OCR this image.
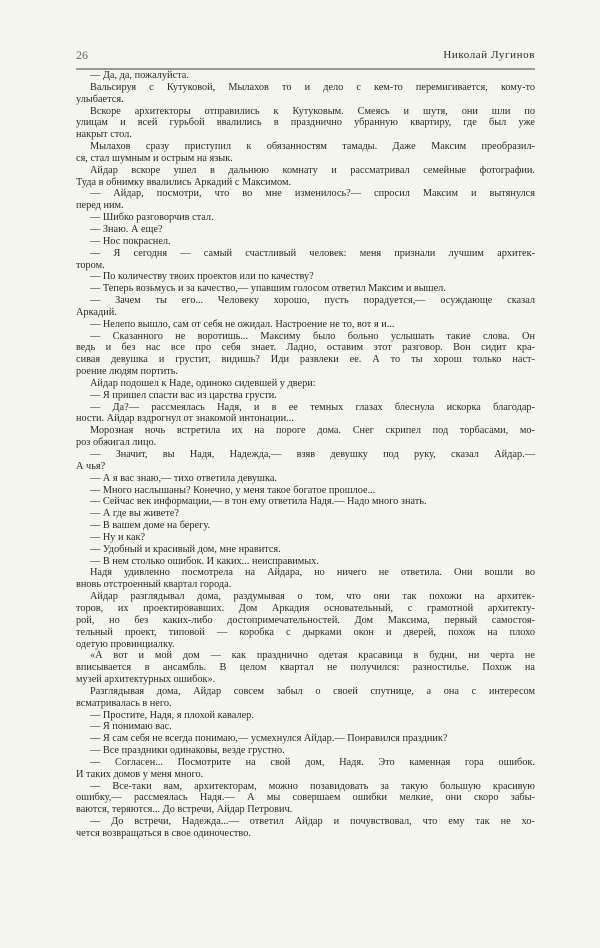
26	Николай Лугинов
— Да, да, пожалуйста.
Вальсируя с Кутуковой, Мылахов то и дело с кем-то перемигивается, кому-то
улыбается.
Вскоре архитекторы отправились к Кутуковым. Смеясь и шутя, они шли по
улицам и всей гурьбой ввалились в празднично убранную квартиру, где был уже
накрыт стол.
Мылахов сразу приступил к обязанностям тамады. Даже Максим преобразил-
ся, стал шумным и острым на язык.
Айдар вскоре ушел в дальнюю комнату и рассматривал семейные фотографии.
Туда в обнимку ввалились Аркадий с Максимом.
— Айдар, посмотри, что во мне изменилось?— спросил Максим и вытянулся
перед ним.
— Шибко разговорчив стал.
— Знаю. А еще?
— Нос покраснел.
— Я сегодня — самый счастливый человек: меня признали лучшим архитек-
тором.
— По количеству твоих проектов или по качеству?
— Теперь возьмусь и за качество,— упавшим голосом ответил Максим и вышел.
— Зачем ты его... Человеку хорошо, пусть порадуется,— осуждающе сказал
Аркадий.
— Нелепо вышло, сам от себя не ожидал. Настроение не то, вот я и...
— Сказанного не воротишь... Максиму было больно услышать такие слова. Он
ведь и без нас все про себя знает. Ладно, оставим этот разговор. Вон сидит кра-
сивая девушка и грустит, видишь? Иди развлеки ее. А то ты хорош только наст-
роение людям портить.
Айдар подошел к Наде, одиноко сидевшей у двери:
— Я пришел спасти вас из царства грусти.
— Да?— рассмеялась Надя, и в ее темных глазах блеснула искорка благодар-
ности. Айдар вздрогнул от знакомой интонации...
Морозная ночь встретила их на пороге дома. Снег скрипел под торбасами, мо-
роз обжигал лицо.
— Значит, вы Надя, Надежда,— взяв девушку под руку, сказал Айдар.—
А чья?
— А я вас знаю,— тихо ответила девушка.
— Много наслышаны? Конечно, у меня такое богатое прошлое...
— Сейчас век информации,— в тон ему ответила Надя.— Надо много знать.
— А где вы живете?
— В вашем доме на берегу.
— Ну и как?
— Удобный и красивый дом, мне нравится.
— В нем столько ошибок. И каких... неисправимых.
Надя удивленно посмотрела на Айдара, но ничего не ответила. Они вошли во
вновь отстроенный квартал города.
Айдар разглядывал дома, раздумывая о том, что они так похожи на архитек-
торов, их проектировавших. Дом Аркадия основательный, с грамотной архитекту-
рой, но без каких-либо достопримечательностей. Дом Максима, первый самостоя-
тельный проект, типовой — коробка с дырками окон и дверей, похож на плохо
одетую провинциалку.
«А вот и мой дом — как празднично одетая красавица в будни, ни черта не
вписывается в ансамбль. В целом квартал не получился: разностилье. Похож на
музей архитектурных ошибок».
Разглядывая дома, Айдар совсем забыл о своей спутнице, а она с интересом
всматривалась в него.
— Простите, Надя, я плохой кавалер.
— Я понимаю вас.
— Я сам себя не всегда понимаю,— усмехнулся Айдар.— Понравился праздник?
— Все праздники одинаковы, везде грустно.
— Согласен... Посмотрите на свой дом, Надя. Это каменная гора ошибок.
И таких домов у меня много.
— Все-таки вам, архитекторам, можно позавидовать за такую большую красивую
ошибку,— рассмеялась Надя.— А мы совершаем ошибки мелкие, они скоро забы-
ваются, теряются... До встречи, Айдар Петрович.
— До встречи, Надежда...— ответил Айдар и почувствовал, что ему так не хо-
чется возвращаться в свое одиночество.
